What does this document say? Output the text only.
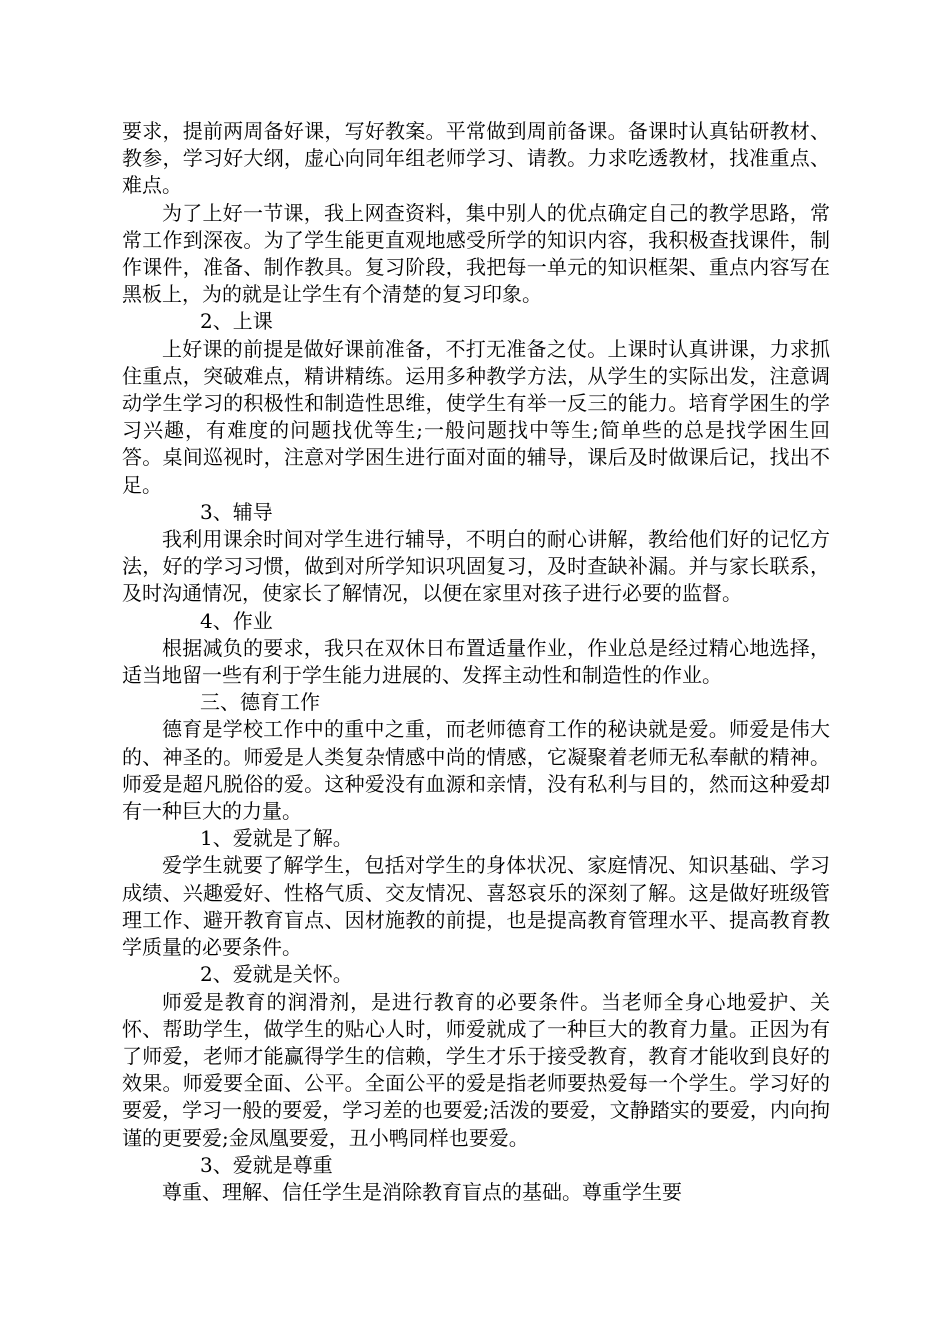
要求，提前两周备好课，写好教案。平常做到周前备课。备课时认真钻研教材、教参，学习好大纲，虚心向同年组老师学习、请教。力求吃透教材，找准重点、难点。

为了上好一节课，我上网查资料，集中别人的优点确定自己的教学思路，常常工作到深夜。为了学生能更直观地感受所学的知识内容，我积极查找课件，制作课件，准备、制作教具。复习阶段，我把每一单元的知识框架、重点内容写在黑板上，为的就是让学生有个清楚的复习印象。

2、上课

上好课的前提是做好课前准备，不打无准备之仗。上课时认真讲课，力求抓住重点，突破难点，精讲精练。运用多种教学方法，从学生的实际出发，注意调动学生学习的积极性和制造性思维，使学生有举一反三的能力。培育学困生的学习兴趣，有难度的问题找优等生;一般问题找中等生;简单些的总是找学困生回答。桌间巡视时，注意对学困生进行面对面的辅导，课后及时做课后记，找出不足。

3、辅导

我利用课余时间对学生进行辅导，不明白的耐心讲解，教给他们好的记忆方法，好的学习习惯，做到对所学知识巩固复习，及时查缺补漏。并与家长联系，及时沟通情况，使家长了解情况，以便在家里对孩子进行必要的监督。

4、作业

根据减负的要求，我只在双休日布置适量作业，作业总是经过精心地选择，适当地留一些有利于学生能力进展的、发挥主动性和制造性的作业。

三、德育工作

德育是学校工作中的重中之重，而老师德育工作的秘诀就是爱。师爱是伟大的、神圣的。师爱是人类复杂情感中尚的情感，它凝聚着老师无私奉献的精神。师爱是超凡脱俗的爱。这种爱没有血源和亲情，没有私利与目的，然而这种爱却有一种巨大的力量。

1、爱就是了解。

爱学生就要了解学生，包括对学生的身体状况、家庭情况、知识基础、学习成绩、兴趣爱好、性格气质、交友情况、喜怒哀乐的深刻了解。这是做好班级管理工作、避开教育盲点、因材施教的前提，也是提高教育管理水平、提高教育教学质量的必要条件。

2、爱就是关怀。

师爱是教育的润滑剂，是进行教育的必要条件。当老师全身心地爱护、关怀、帮助学生，做学生的贴心人时，师爱就成了一种巨大的教育力量。正因为有了师爱，老师才能赢得学生的信赖，学生才乐于接受教育，教育才能收到良好的效果。师爱要全面、公平。全面公平的爱是指老师要热爱每一个学生。学习好的要爱，学习一般的要爱，学习差的也要爱;活泼的要爱，文静踏实的要爱，内向拘谨的更要爱;金凤凰要爱，丑小鸭同样也要爱。

3、爱就是尊重

尊重、理解、信任学生是消除教育盲点的基础。尊重学生要
